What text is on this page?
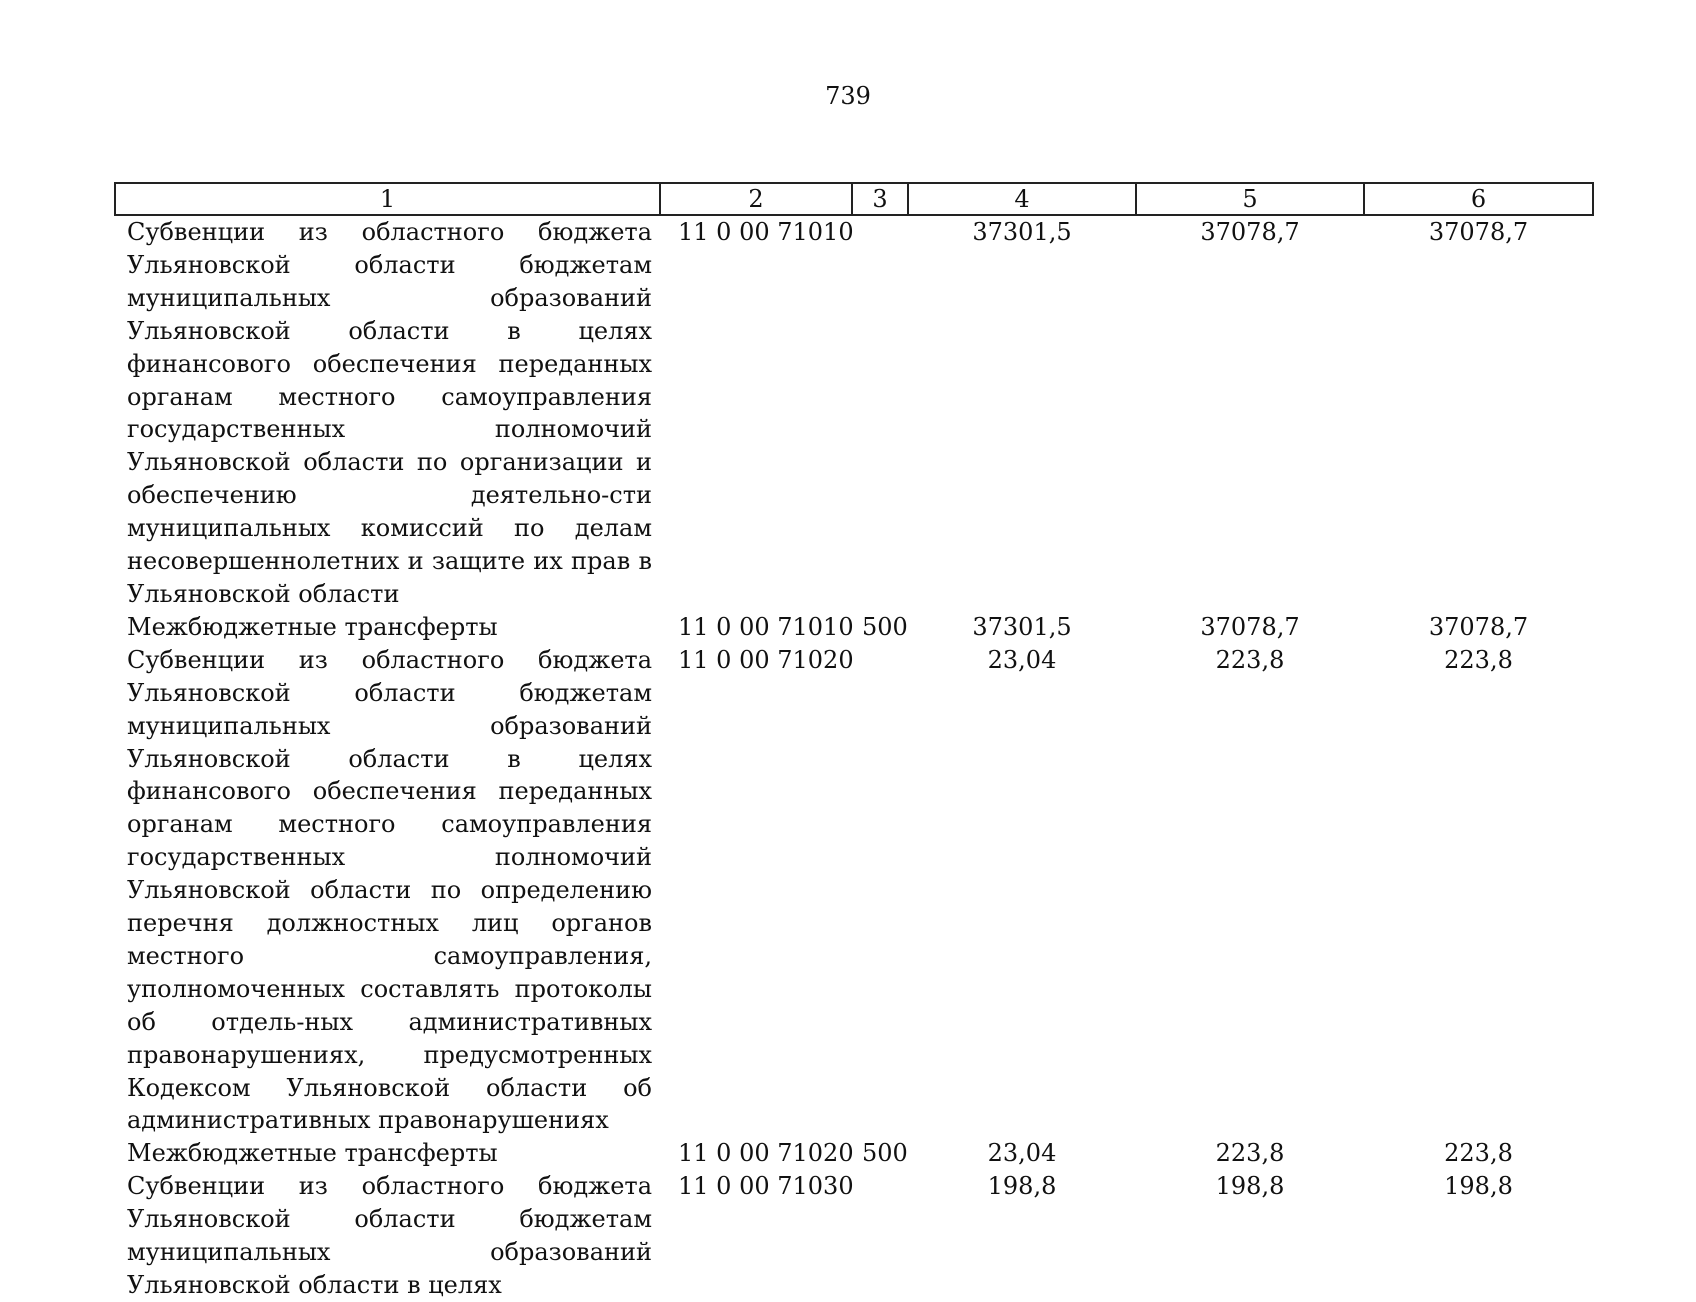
739
1	2	3	4	5	6
Субвенции из областного бюджета Ульяновской области бюджетам муниципальных образований Ульяновской области в целях финансового обеспечения переданных органам местного самоуправления государственных полномочий Ульяновской области по организации и обеспечению деятельно-сти муниципальных комиссий по делам несовершеннолетних и защите их прав в Ульяновской области	11 0 00 71010		37301,5	37078,7	37078,7
Межбюджетные трансферты	11 0 00 71010	500	37301,5	37078,7	37078,7
Субвенции из областного бюджета Ульяновской области бюджетам муниципальных образований Ульяновской области в целях финансового обеспечения переданных органам местного самоуправления государственных полномочий Ульяновской области по определению перечня должностных лиц органов местного самоуправления, уполномоченных составлять протоколы об отдель-ных административных правонарушениях, предусмотренных Кодексом Ульяновской области об административных правонарушениях	11 0 00 71020		23,04	223,8	223,8
Межбюджетные трансферты	11 0 00 71020	500	23,04	223,8	223,8
Субвенции из областного бюджета Ульяновской области бюджетам муниципальных образований Ульяновской области в целях	11 0 00 71030		198,8	198,8	198,8
